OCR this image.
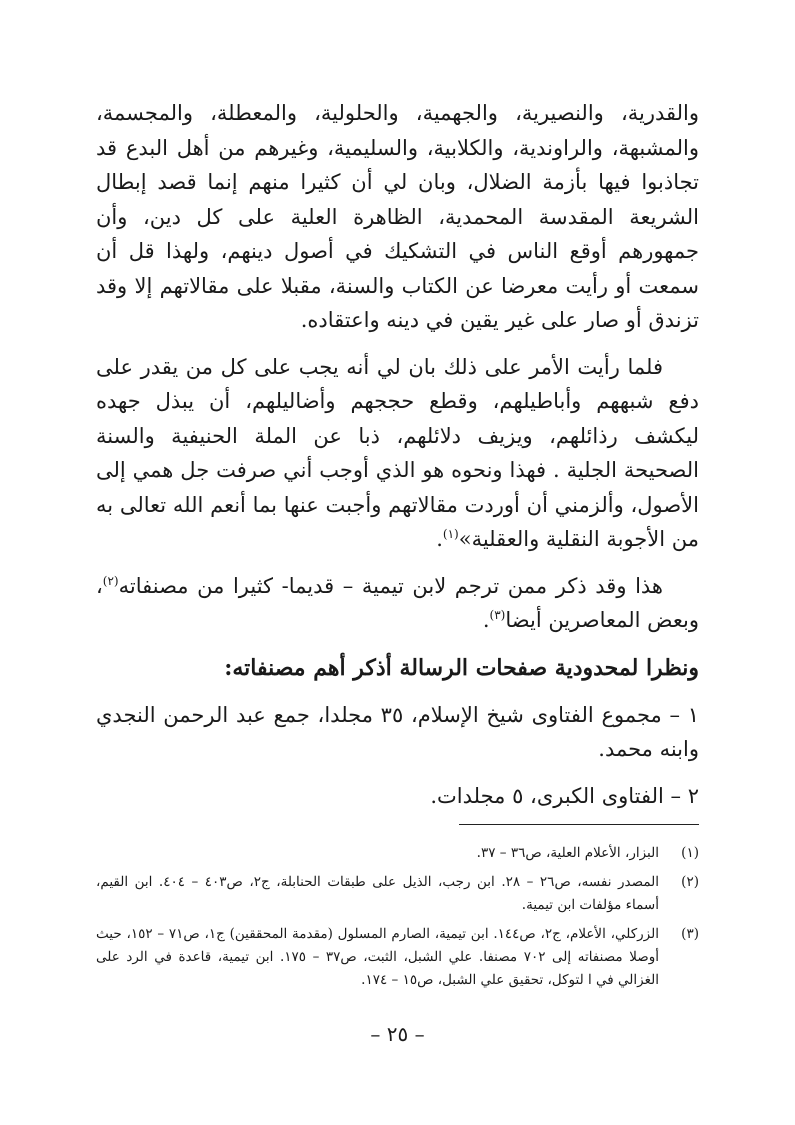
والقدرية، والنصيرية، والجهمية، والحلولية، والمعطلة، والمجسمة، والمشبهة، والراوندية، والكلابية، والسليمية، وغيرهم من أهل البدع قد تجاذبوا فيها بأزمة الضلال، وبان لي أن كثيرا منهم إنما قصد إبطال الشريعة المقدسة المحمدية، الظاهرة العلية على كل دين، وأن جمهورهم أوقع الناس في التشكيك في أصول دينهم، ولهذا قل أن سمعت أو رأيت معرضا عن الكتاب والسنة، مقبلا على مقالاتهم إلا وقد تزندق أو صار على غير يقين في دينه واعتقاده.

فلما رأيت الأمر على ذلك بان لي أنه يجب على كل من يقدر على دفع شبههم وأباطيلهم، وقطع حججهم وأضاليلهم، أن يبذل جهده ليكشف رذائلهم، ويزيف دلائلهم، ذبا عن الملة الحنيفية والسنة الصحيحة الجلية . فهذا ونحوه هو الذي أوجب أني صرفت جل همي إلى الأصول، وألزمني أن أوردت مقالاتهم وأجبت عنها بما أنعم الله تعالى به من الأجوبة النقلية والعقلية»$^{(١)}$.

هذا وقد ذكر ممن ترجم لابن تيمية – قديما- كثيرا من مصنفاته$^{(٢)}$، وبعض المعاصرين أيضا$^{(٣)}$.

ونظرا لمحدودية صفحات الرسالة أذكر أهم مصنفاته:

١ – مجموع الفتاوى شيخ الإسلام، ٣٥ مجلدا، جمع عبد الرحمن النجدي وابنه محمد.

٢ – الفتاوى الكبرى، ٥ مجلدات.

(١)
البزار، الأعلام العلية، ص٣٦ – ٣٧.
(٢)
المصدر نفسه، ص٢٦ – ٢٨. ابن رجب، الذيل على طبقات الحنابلة، ج٢، ص٤٠٣ – ٤٠٤. ابن القيم، أسماء مؤلفات ابن تيمية.
(٣)
الزركلي، الأعلام، ج٢، ص١٤٤. ابن تيمية، الصارم المسلول (مقدمة المحققين) ج١، ص٧١ – ١٥٢، حيث أوصلا مصنفاته إلى ٧٠٢ مصنفا. علي الشبل، الثبت، ص٣٧ – ١٧٥. ابن تيمية، قاعدة في الرد على الغزالي في ا لتوكل، تحقيق علي الشبل، ص١٥ – ١٧٤.
– ٢٥ –
